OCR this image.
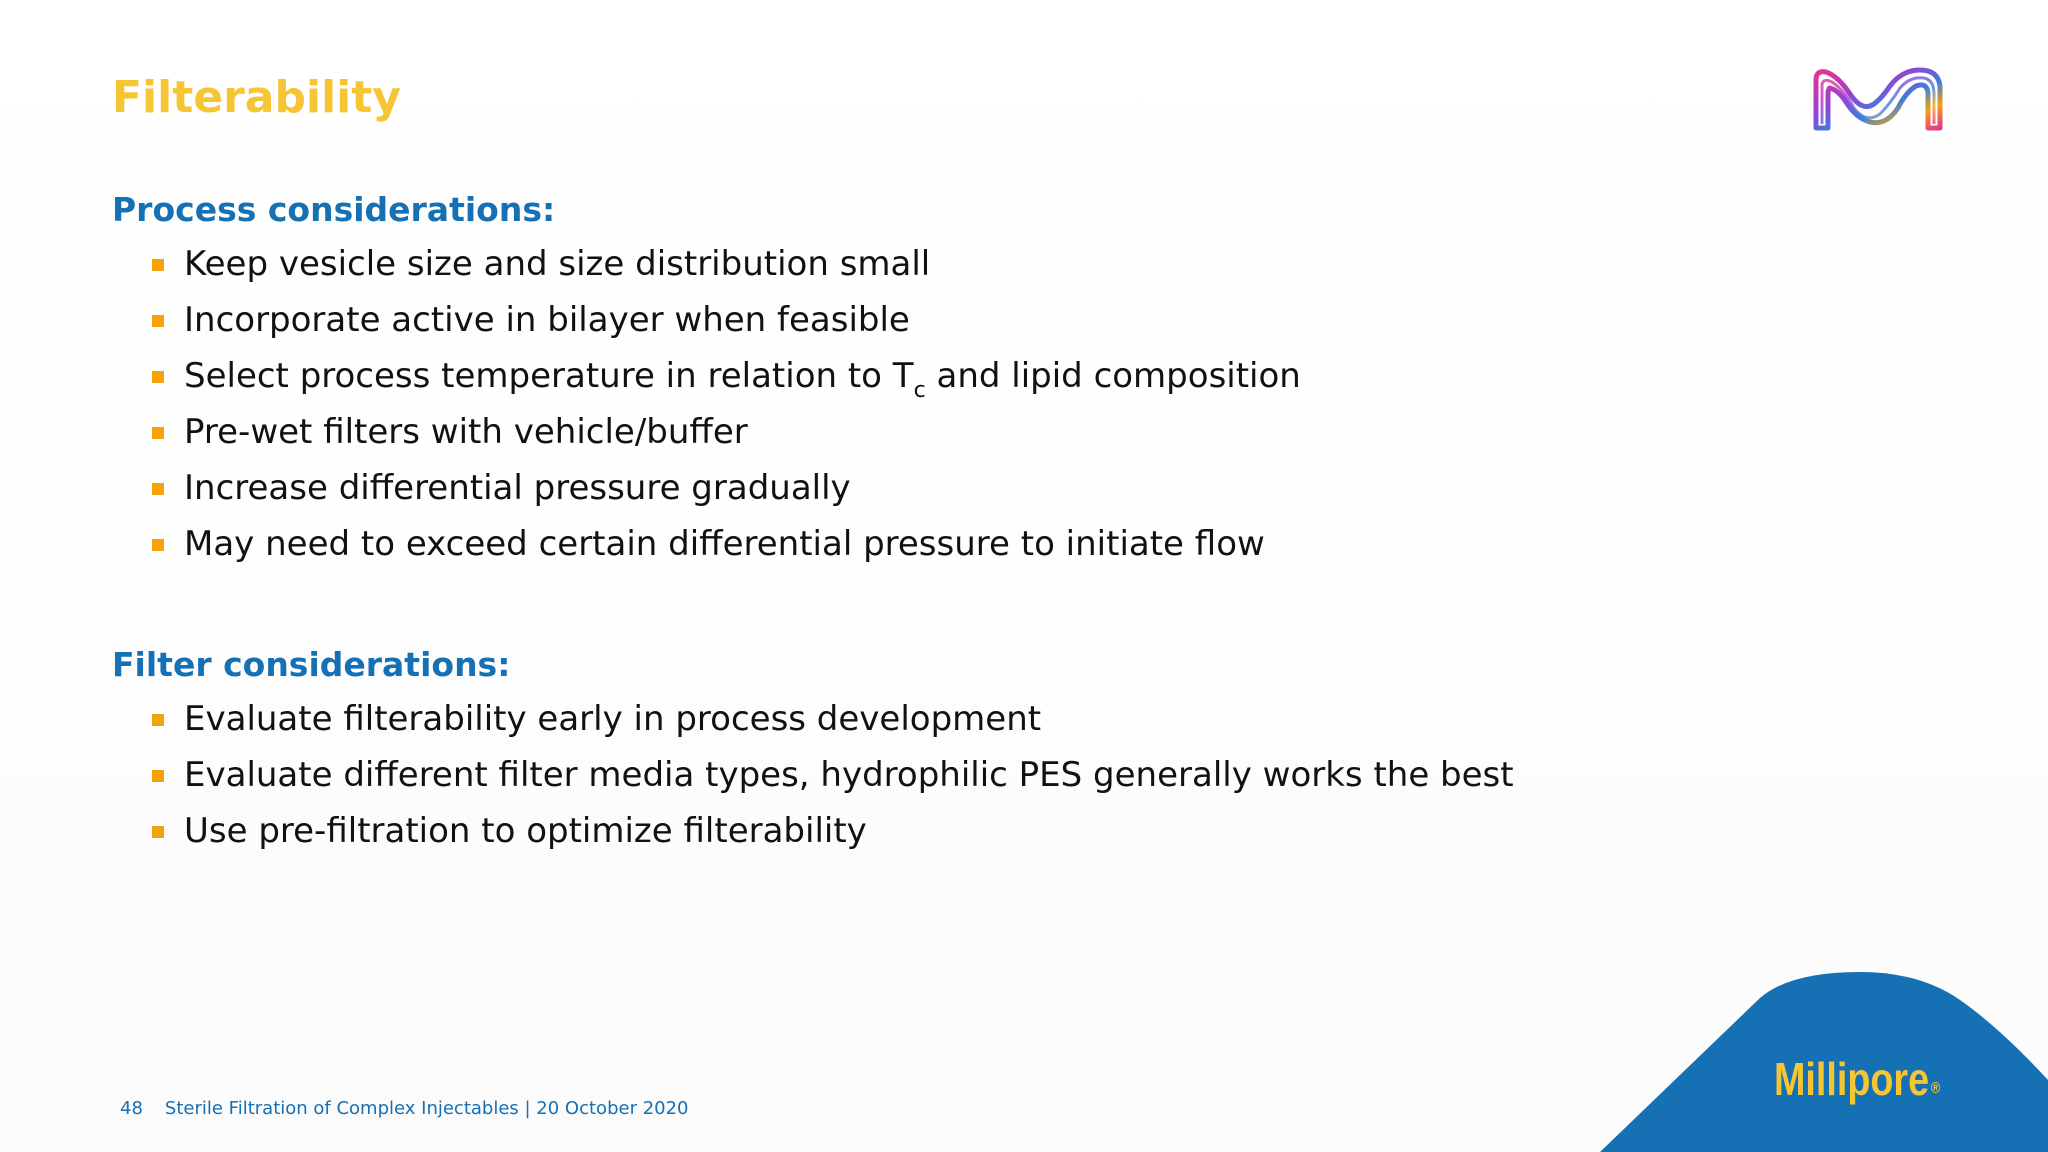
Filterability
Process considerations:
Keep vesicle size and size distribution small
Incorporate active in bilayer when feasible
Select process temperature in relation to $T_c$ and lipid composition
Pre-wet filters with vehicle/buffer
Increase differential pressure gradually
May need to exceed certain differential pressure to initiate flow
Filter considerations:
Evaluate filterability early in process development
Evaluate different filter media types, hydrophilic PES generally works the best
Use pre-filtration to optimize filterability
48 Sterile Filtration of Complex Injectables | 20 October 2020
Millipore ®
